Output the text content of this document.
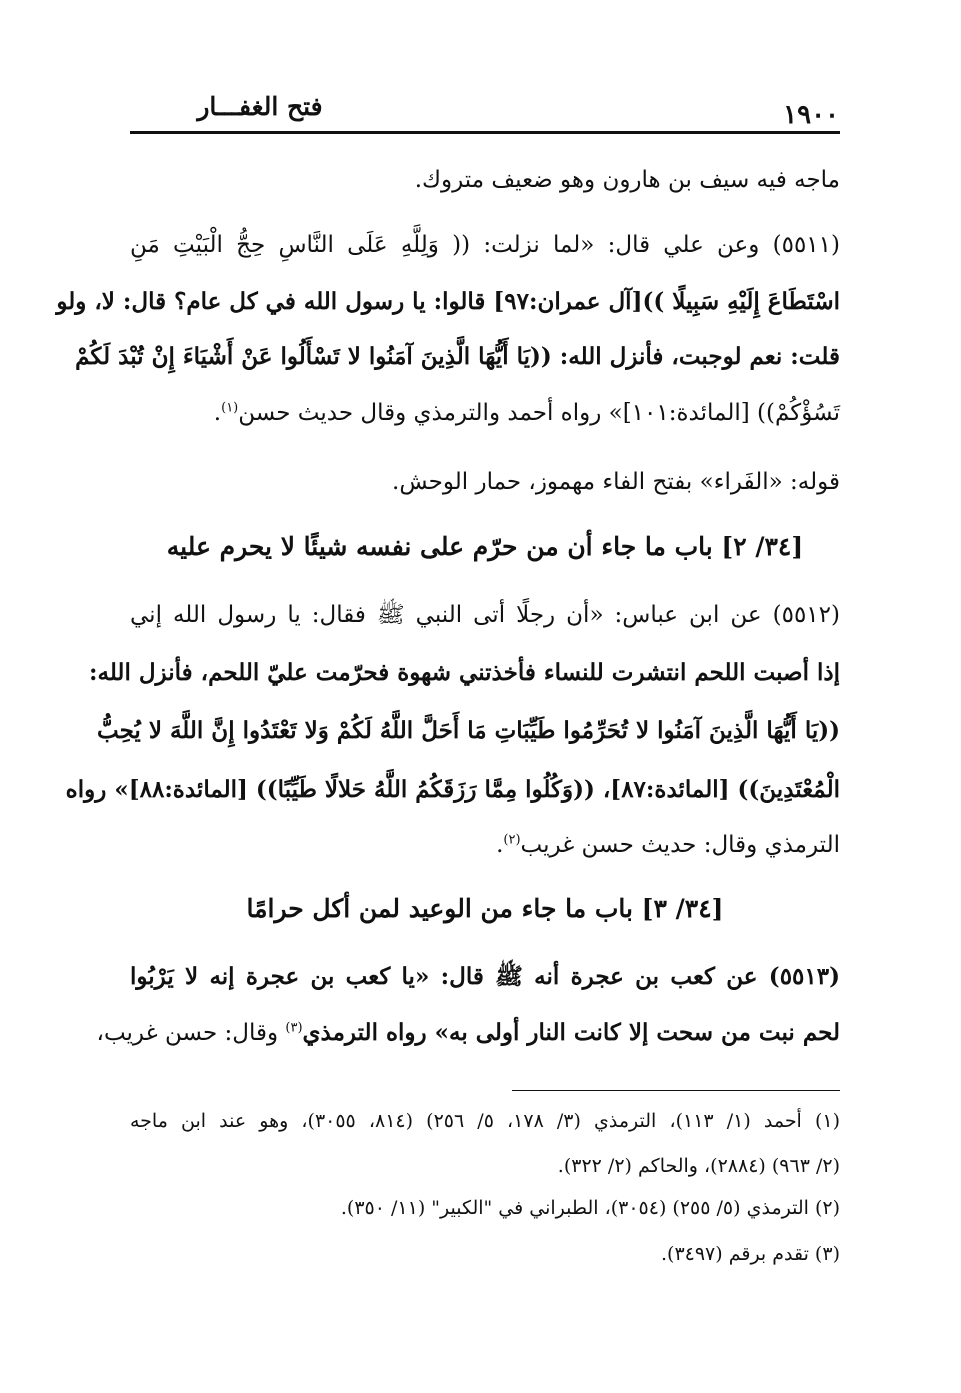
فتح الغفـــار	١٩٠٠
ماجه فيه سيف بن هارون وهو ضعيف متروك.
(٥٥١١) وعن علي قال: «لما نزلت: (( وَلِلَّهِ عَلَى النَّاسِ حِجُّ الْبَيْتِ مَنِ
اسْتَطَاعَ إِلَيْهِ سَبِيلًا ))[آل عمران:٩٧] قالوا: يا رسول الله في كل عام؟ قال: لا، ولو
قلت: نعم لوجبت، فأنزل الله: ((يَا أَيُّهَا الَّذِينَ آمَنُوا لا تَسْأَلُوا عَنْ أَشْيَاءَ إِنْ تُبْدَ لَكُمْ
تَسُؤْكُمْ)) [المائدة:١٠١]» رواه أحمد والترمذي وقال حديث حسن$^{(١)}$.
قوله: «الفَراء» بفتح الفاء مهموز، حمار الوحش.
[٣٤/ ٢] باب ما جاء أن من حرّم على نفسه شيئًا لا يحرم عليه
(٥٥١٢) عن ابن عباس: «أن رجلًا أتى النبي ﷺ فقال: يا رسول الله إني
إذا أصبت اللحم انتشرت للنساء فأخذتني شهوة فحرّمت عليّ اللحم، فأنزل الله:
((يَا أَيُّهَا الَّذِينَ آمَنُوا لا تُحَرِّمُوا طَيِّبَاتِ مَا أَحَلَّ اللَّهُ لَكُمْ وَلا تَعْتَدُوا إِنَّ اللَّهَ لا يُحِبُّ
الْمُعْتَدِينَ)) [المائدة:٨٧]، ((وَكُلُوا مِمَّا رَزَقَكُمُ اللَّهُ حَلالًا طَيِّبًا)) [المائدة:٨٨]» رواه
الترمذي وقال: حديث حسن غريب$^{(٢)}$.
[٣٤/ ٣] باب ما جاء من الوعيد لمن أكل حرامًا
(٥٥١٣) عن كعب بن عجرة أنه ﷺ قال: «يا كعب بن عجرة إنه لا يَرْبُوا
لحم نبت من سحت إلا كانت النار أولى به» رواه الترمذي$^{(٣)}$ وقال: حسن غريب،
(١) أحمد (١/ ١١٣)، الترمذي (٣/ ١٧٨، ٥/ ٢٥٦) (٨١٤، ٣٠٥٥)، وهو عند ابن ماجه
(٢/ ٩٦٣) (٢٨٨٤)، والحاكم (٢/ ٣٢٢).
(٢) الترمذي (٥/ ٢٥٥) (٣٠٥٤)، الطبراني في "الكبير" (١١/ ٣٥٠).
(٣) تقدم برقم (٣٤٩٧).
